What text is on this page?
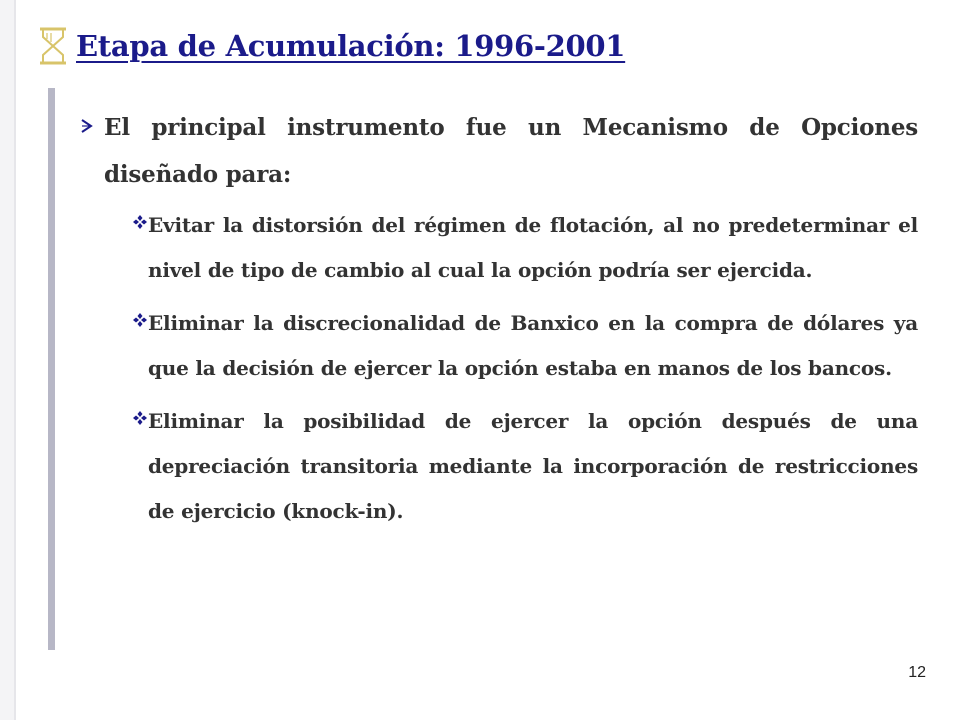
Etapa de Acumulación: 1996-2001
El principal instrumento fue un Mecanismo de Opciones diseñado para:
Evitar la distorsión del régimen de flotación, al no predeterminar el nivel de tipo de cambio al cual la opción podría ser ejercida.
Eliminar la discrecionalidad de Banxico en la compra de dólares ya que la decisión de ejercer la opción estaba en manos de los bancos.
Eliminar la posibilidad de ejercer la opción después de una depreciación transitoria mediante la incorporación de restricciones de ejercicio (knock-in).
12
